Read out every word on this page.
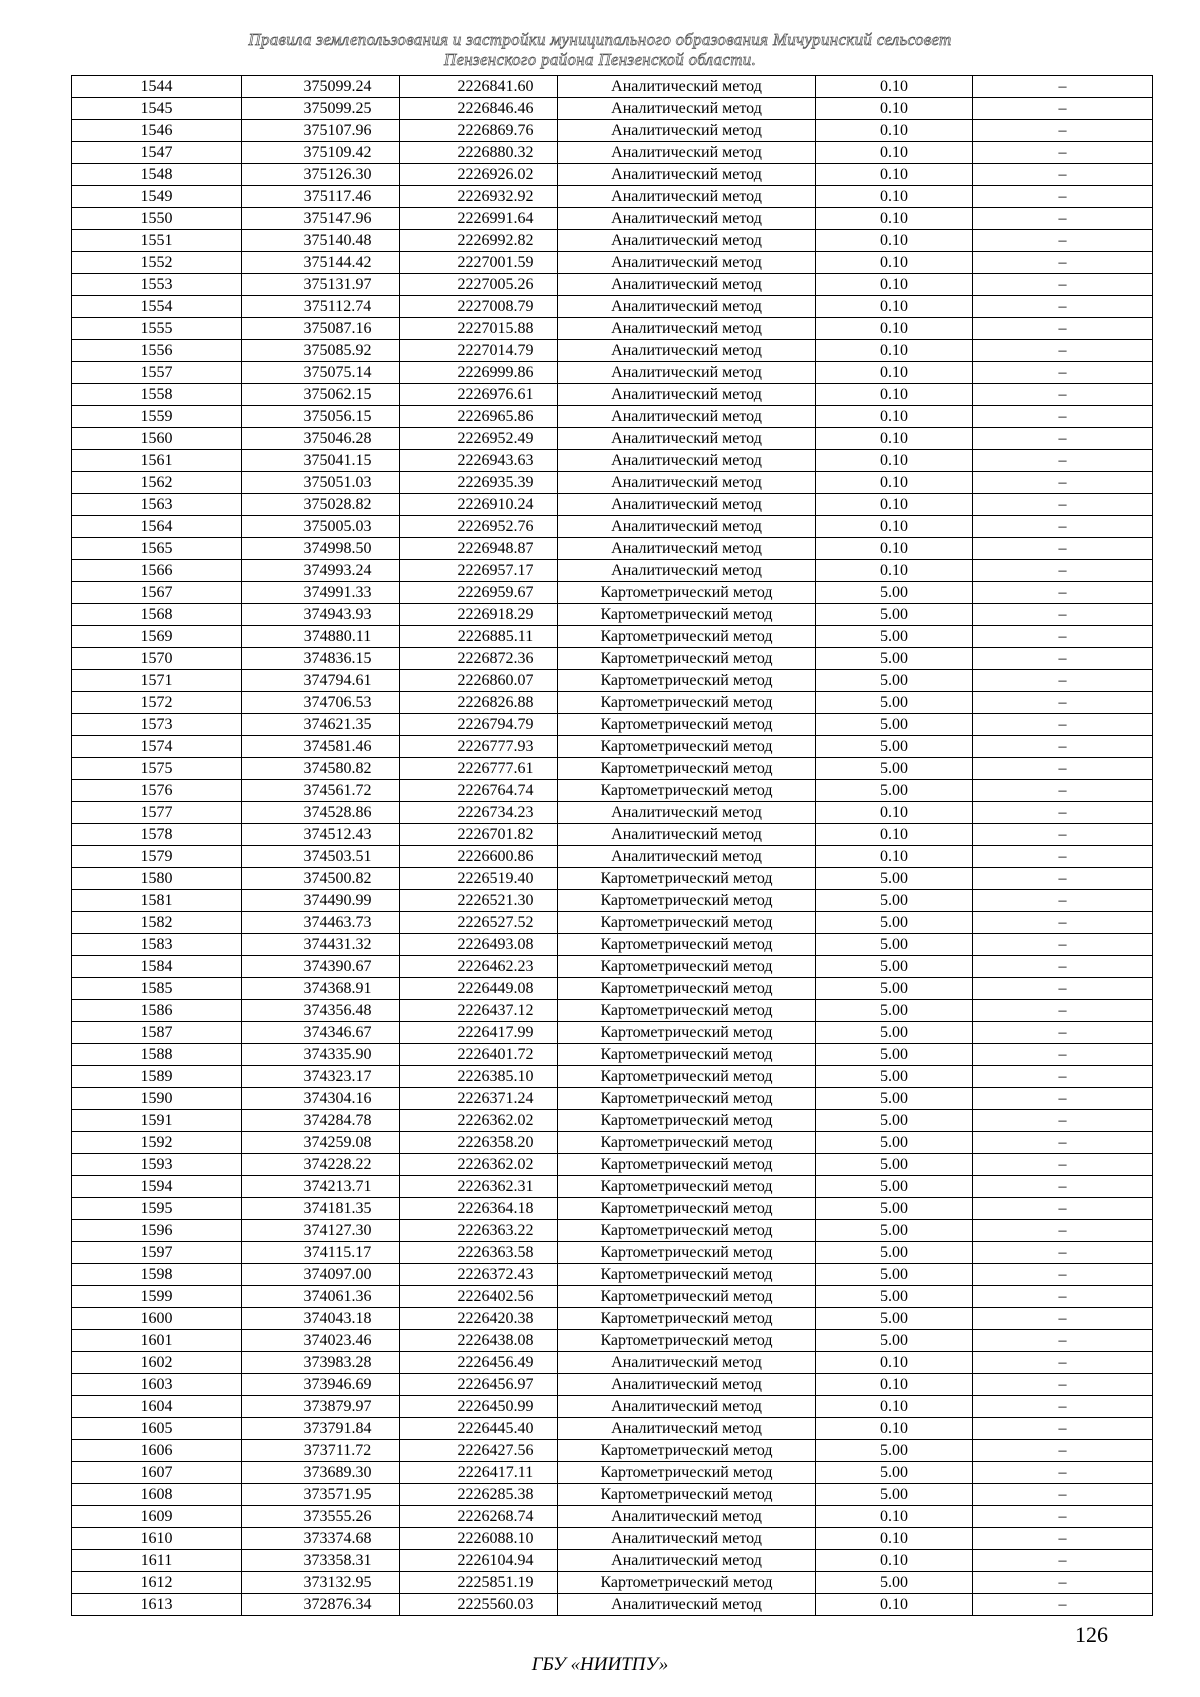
Правила землепользования и застройки муниципального образования Мичуринский сельсовет
Пензенского района Пензенской области.
1544	375099.24	2226841.60	Аналитический метод	0.10	–
1545	375099.25	2226846.46	Аналитический метод	0.10	–
1546	375107.96	2226869.76	Аналитический метод	0.10	–
1547	375109.42	2226880.32	Аналитический метод	0.10	–
1548	375126.30	2226926.02	Аналитический метод	0.10	–
1549	375117.46	2226932.92	Аналитический метод	0.10	–
1550	375147.96	2226991.64	Аналитический метод	0.10	–
1551	375140.48	2226992.82	Аналитический метод	0.10	–
1552	375144.42	2227001.59	Аналитический метод	0.10	–
1553	375131.97	2227005.26	Аналитический метод	0.10	–
1554	375112.74	2227008.79	Аналитический метод	0.10	–
1555	375087.16	2227015.88	Аналитический метод	0.10	–
1556	375085.92	2227014.79	Аналитический метод	0.10	–
1557	375075.14	2226999.86	Аналитический метод	0.10	–
1558	375062.15	2226976.61	Аналитический метод	0.10	–
1559	375056.15	2226965.86	Аналитический метод	0.10	–
1560	375046.28	2226952.49	Аналитический метод	0.10	–
1561	375041.15	2226943.63	Аналитический метод	0.10	–
1562	375051.03	2226935.39	Аналитический метод	0.10	–
1563	375028.82	2226910.24	Аналитический метод	0.10	–
1564	375005.03	2226952.76	Аналитический метод	0.10	–
1565	374998.50	2226948.87	Аналитический метод	0.10	–
1566	374993.24	2226957.17	Аналитический метод	0.10	–
1567	374991.33	2226959.67	Картометрический метод	5.00	–
1568	374943.93	2226918.29	Картометрический метод	5.00	–
1569	374880.11	2226885.11	Картометрический метод	5.00	–
1570	374836.15	2226872.36	Картометрический метод	5.00	–
1571	374794.61	2226860.07	Картометрический метод	5.00	–
1572	374706.53	2226826.88	Картометрический метод	5.00	–
1573	374621.35	2226794.79	Картометрический метод	5.00	–
1574	374581.46	2226777.93	Картометрический метод	5.00	–
1575	374580.82	2226777.61	Картометрический метод	5.00	–
1576	374561.72	2226764.74	Картометрический метод	5.00	–
1577	374528.86	2226734.23	Аналитический метод	0.10	–
1578	374512.43	2226701.82	Аналитический метод	0.10	–
1579	374503.51	2226600.86	Аналитический метод	0.10	–
1580	374500.82	2226519.40	Картометрический метод	5.00	–
1581	374490.99	2226521.30	Картометрический метод	5.00	–
1582	374463.73	2226527.52	Картометрический метод	5.00	–
1583	374431.32	2226493.08	Картометрический метод	5.00	–
1584	374390.67	2226462.23	Картометрический метод	5.00	–
1585	374368.91	2226449.08	Картометрический метод	5.00	–
1586	374356.48	2226437.12	Картометрический метод	5.00	–
1587	374346.67	2226417.99	Картометрический метод	5.00	–
1588	374335.90	2226401.72	Картометрический метод	5.00	–
1589	374323.17	2226385.10	Картометрический метод	5.00	–
1590	374304.16	2226371.24	Картометрический метод	5.00	–
1591	374284.78	2226362.02	Картометрический метод	5.00	–
1592	374259.08	2226358.20	Картометрический метод	5.00	–
1593	374228.22	2226362.02	Картометрический метод	5.00	–
1594	374213.71	2226362.31	Картометрический метод	5.00	–
1595	374181.35	2226364.18	Картометрический метод	5.00	–
1596	374127.30	2226363.22	Картометрический метод	5.00	–
1597	374115.17	2226363.58	Картометрический метод	5.00	–
1598	374097.00	2226372.43	Картометрический метод	5.00	–
1599	374061.36	2226402.56	Картометрический метод	5.00	–
1600	374043.18	2226420.38	Картометрический метод	5.00	–
1601	374023.46	2226438.08	Картометрический метод	5.00	–
1602	373983.28	2226456.49	Аналитический метод	0.10	–
1603	373946.69	2226456.97	Аналитический метод	0.10	–
1604	373879.97	2226450.99	Аналитический метод	0.10	–
1605	373791.84	2226445.40	Аналитический метод	0.10	–
1606	373711.72	2226427.56	Картометрический метод	5.00	–
1607	373689.30	2226417.11	Картометрический метод	5.00	–
1608	373571.95	2226285.38	Картометрический метод	5.00	–
1609	373555.26	2226268.74	Аналитический метод	0.10	–
1610	373374.68	2226088.10	Аналитический метод	0.10	–
1611	373358.31	2226104.94	Аналитический метод	0.10	–
1612	373132.95	2225851.19	Картометрический метод	5.00	–
1613	372876.34	2225560.03	Аналитический метод	0.10	–
126
ГБУ «НИИТПУ»
